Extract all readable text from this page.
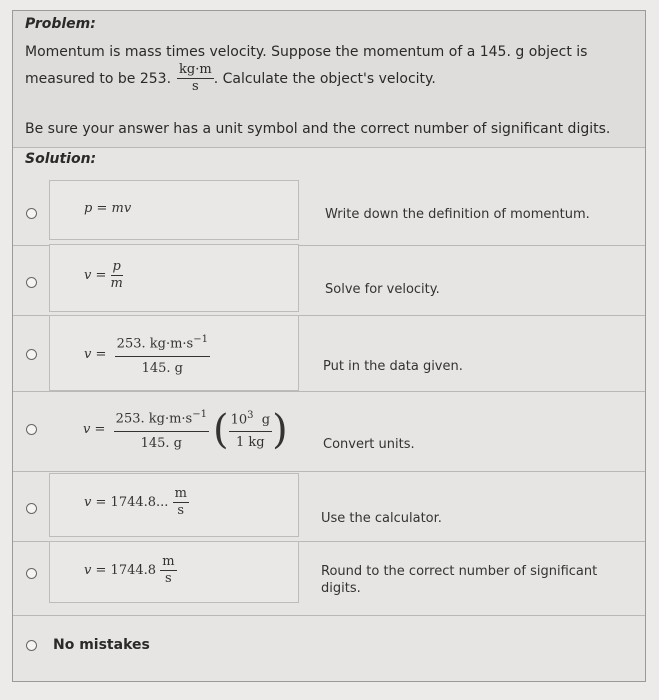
Problem:
Momentum is mass times velocity. Suppose the momentum of a 145. g object is
measured to be 253. $\frac{kg\cdot m}{s}$ . Calculate the object's velocity.
Be sure your answer has a unit symbol and the correct number of significant digits.
Solution:
p = mv	Write down the definition of momentum.
v
=
$\frac{p}{m}$	Solve for velocity.
v
=
$\frac{253. kg\cdot m\cdot s^{-1}}{145. g}$	Put in the data given.
v
=
$\frac{253. kg\cdot m\cdot s^{-1}}{145. g}$ ( $\frac{10^3 g}{1 kg}$ )	Convert units.
v
=
1744.8...
$\frac{m}{s}$	Use the calculator.
v
=
1744.8
$\frac{m}{s}$	Round to the correct number of significant digits.
No mistakes
